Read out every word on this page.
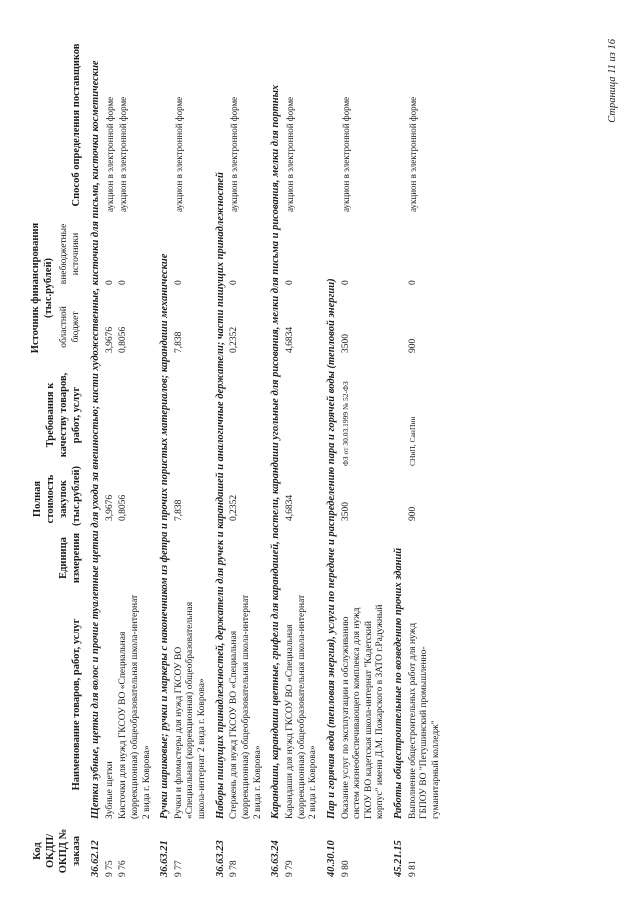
Код ОКДП/ ОКПД № заказа	Наименование товаров, работ, услуг	Единица измерения	Полная стоимость закупок (тыс.рублей)	Требования к качеству товаров, работ, услуг	Источник финансирования (тыс.рублей)		Способ определения поставщиков
					областной бюджет	внебюджетные источники	
36.62.12	Щетки зубные, щетки для волос и прочие туалетные щетки для ухода за внешностью; кисти художественные, кисточки для письма, кисточки косметические						
9 75	Зубные щетки		3,9676		3,9676	0	аукцион в электронной форме
9 76	Кисточки для нужд ГКСОУ ВО «Специальная (коррекционная) общеобразовательная школа-интернат 2 вида г. Коврова»		0,8056		0,8056	0	аукцион в электронной форме
36.63.21	Ручки шариковые; ручки и маркеры с наконечником из фетра и прочих пористых материалов; карандаши механические						
9 77	Ручки и фломастеры для нужд ГКСОУ ВО «Специальная (коррекционная) общеобразовательная школа-интернат 2 вида г. Коврова»		7,838		7,838	0	аукцион в электронной форме
36.63.23	Наборы пишущих принадлежностей, держатели для ручек и карандашей и аналогичные держатели; части пишущих принадлежностей						
9 78	Стержень для нужд ГКСОУ ВО «Специальная (коррекционная) общеобразовательная школа-интернат 2 вида г. Коврова»		0,2352		0,2352	0	аукцион в электронной форме
36.63.24	Карандаши, карандаши цветные, грифели для карандашей, пастели, карандаши угольные для рисования, мелки для письма и рисования, мелки для портных						
9 79	Карандаши для нужд ГКСОУ ВО «Специальная (коррекционная) общеобразовательная школа-интернат 2 вида г. Коврова»		4,6834		4,6834	0	аукцион в электронной форме
40.30.10	Пар и горячая вода (тепловая энергия), услуги по передаче и распределению пара и горячей воды (тепловой энергии)						
9 80	Оказание услуг по эксплуатации и обслуживанию систем жизнеобеспечивающего комплекса для нужд ГКОУ ВО кадетская школа-интернат "Кадетский корпус" имени Д.М. Пожарского в ЗАТО г.Радужный		3500	ФЗ от 30.03.1999 № 52-ФЗ	3500	0	аукцион в электронной форме
45.21.15	Работы общестроительные по возведению прочих зданий						
9 81	Выполнение общестроительных работ для нужд ГБПОУ ВО "Петушинский промышленно-гуманитарный колледж"		900	СНиП, СанПин	900	0	аукцион в электронной форме
Страница 11 из 16
